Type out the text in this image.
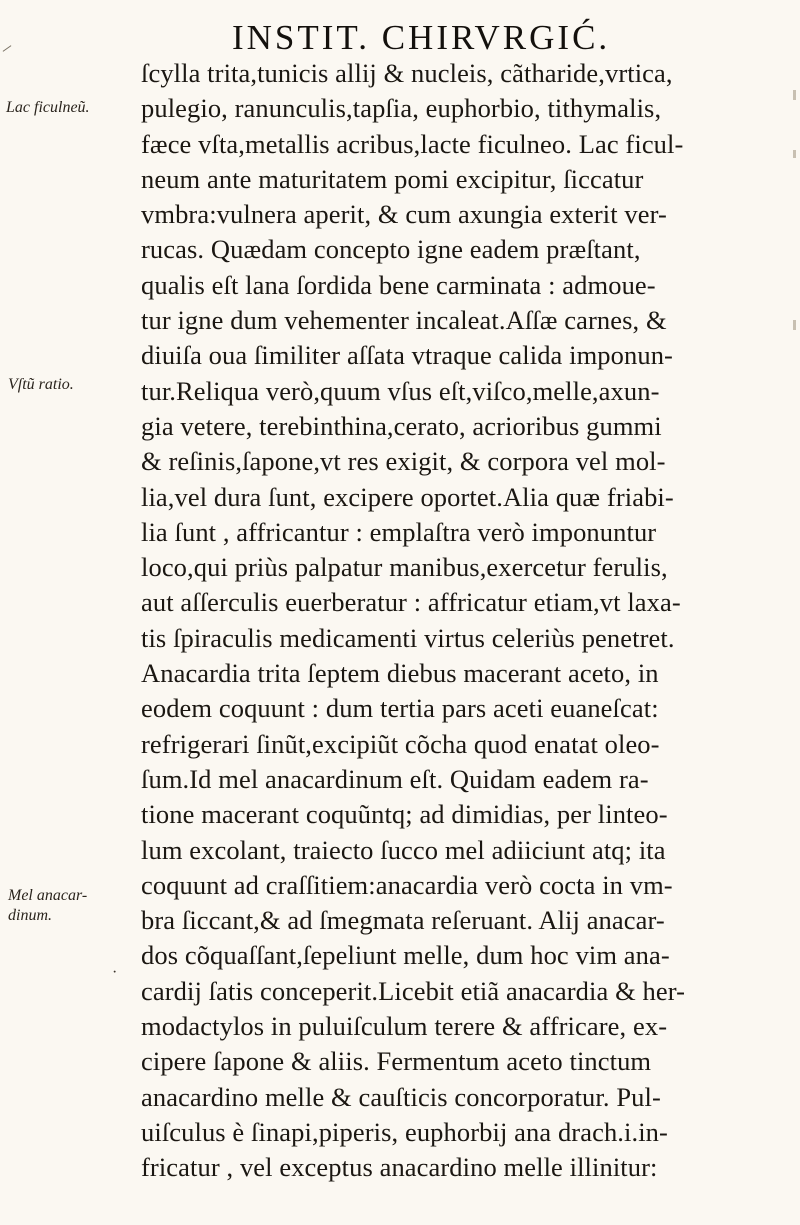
INSTIT. CHIRVRGIĆ.
Lac ficulneũ.
Vſtũ ratio.
Mel anacar-
dinum.
·
ſcylla trita,tunicis allij & nucleis, cãtharide,vrtica,
pulegio, ranunculis,tapſia, euphorbio, tithymalis,
fæce vſta,metallis acribus,lacte ficulneo. Lac ficul-
neum ante maturitatem pomi excipitur, ſiccatur
vmbra:vulnera aperit, & cum axungia exterit ver-
rucas. Quædam concepto igne eadem præſtant,
qualis eſt lana ſordida bene carminata : admoue-
tur igne dum vehementer incaleat.Aſſæ carnes, &
diuiſa oua ſimiliter aſſata vtraque calida imponun-
tur.Reliqua verò,quum vſus eſt,viſco,melle,axun-
gia vetere, terebinthina,cerato, acrioribus gummi
& reſinis,ſapone,vt res exigit, & corpora vel mol-
lia,vel dura ſunt, excipere oportet.Alia quæ friabi-
lia ſunt , affricantur : emplaſtra verò imponuntur
loco,qui priùs palpatur manibus,exercetur ferulis,
aut aſſerculis euerberatur : affricatur etiam,vt laxa-
tis ſpiraculis medicamenti virtus celeriùs penetret.
Anacardia trita ſeptem diebus macerant aceto, in
eodem coquunt : dum tertia pars aceti euaneſcat:
refrigerari ſinũt,excipiũt cõcha quod enatat oleo-
ſum.Id mel anacardinum eſt. Quidam eadem ra-
tione macerant coquũntq; ad dimidias, per linteo-
lum excolant, traiecto ſucco mel adiiciunt atq; ita
coquunt ad craſſitiem:anacardia verò cocta in vm-
bra ſiccant,& ad ſmegmata reſeruant. Alij anacar-
dos cõquaſſant,ſepeliunt melle, dum hoc vim ana-
cardij ſatis conceperit.Licebit etiã anacardia & her-
modactylos in puluiſculum terere & affricare, ex-
cipere ſapone & aliis. Fermentum aceto tinctum
anacardino melle & cauſticis concorporatur. Pul-
uiſculus è ſinapi,piperis, euphorbij ana drach.i.in-
fricatur , vel exceptus anacardino melle illinitur:
